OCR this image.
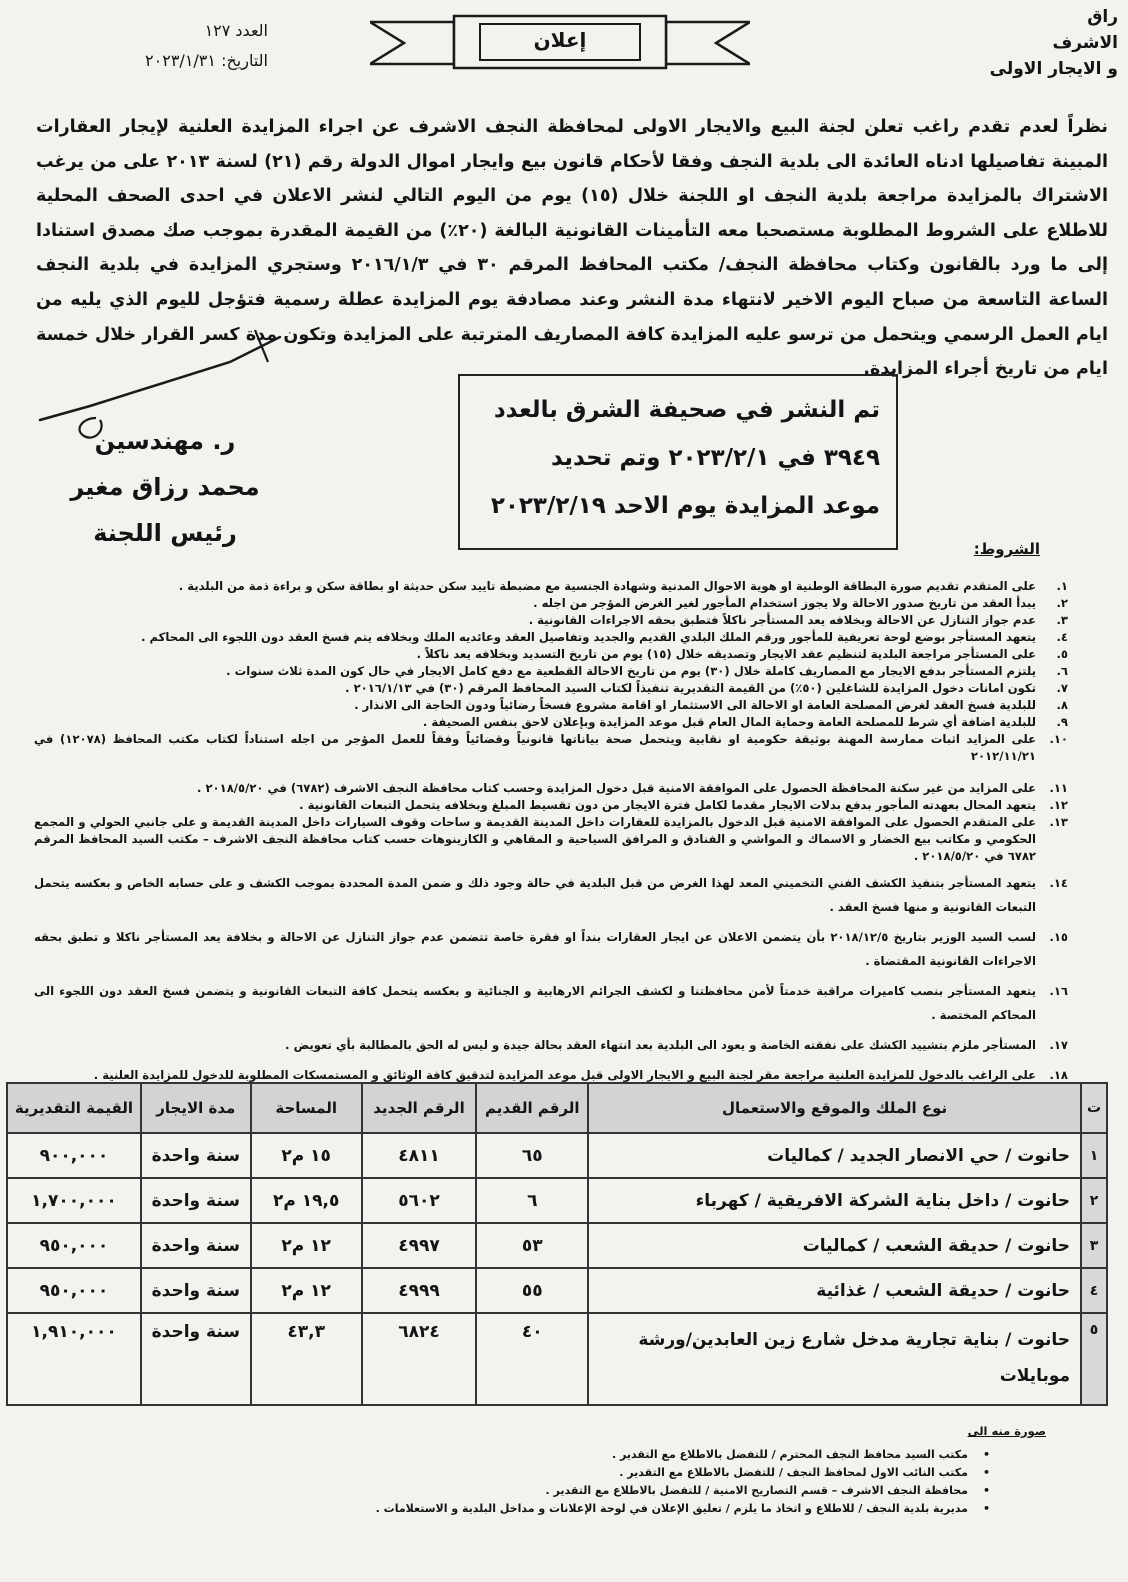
راق
الاشرف
و الايجار الاولى
العدد ١٢٧
التاريخ: ٢٠٢٣/١/٣١
إعلان

نظراً لعدم تقدم راغب تعلن لجنة البيع والايجار الاولى لمحافظة النجف الاشرف عن اجراء المزايدة العلنية لإيجار العقارات المبينة تفاصيلها ادناه العائدة الى بلدية النجف وفقا لأحكام قانون بيع وايجار اموال الدولة رقم (٢١) لسنة ٢٠١٣ على من يرغب الاشتراك بالمزايدة مراجعة بلدية النجف او اللجنة خلال (١٥) يوم من اليوم التالي لنشر الاعلان في احدى الصحف المحلية للاطلاع على الشروط المطلوبة مستصحبا معه التأمينات القانونية البالغة (٢٠٪) من القيمة المقدرة بموجب صك مصدق استنادا إلى ما ورد بالقانون وكتاب محافظة النجف/ مكتب المحافظ المرقم ٣٠ في ٢٠١٦/١/٣ وستجري المزايدة في بلدية النجف الساعة التاسعة من صباح اليوم الاخير لانتهاء مدة النشر وعند مصادفة يوم المزايدة عطلة رسمية فتؤجل لليوم الذي يليه من ايام العمل الرسمي ويتحمل من ترسو عليه المزايدة كافة المصاريف المترتبة على المزايدة وتكون مدة كسر القرار خلال خمسة ايام من تاريخ أجراء المزايدة.

ر. مهندسين
محمد رزاق مغير
رئيس اللجنة
تم النشر في صحيفة الشرق بالعدد
٣٩٤٩ في ٢٠٢٣/٢/١ وتم تحديد
موعد المزايدة يوم الاحد ٢٠٢٣/٢/١٩
الشروط:
١.
على المتقدم تقديم صورة البطاقة الوطنية او هوية الاحوال المدنية وشهادة الجنسية مع مضبطة تاييد سكن حديثة او بطاقة سكن و براءة ذمة من البلدية .
٢.
يبدأ العقد من تاريخ صدور الاحالة ولا يجوز استخدام المأجور لغير الغرض المؤجر من اجله .
٣.
عدم جواز التنازل عن الاحالة وبخلافه يعد المستأجر ناكلاً فتطبق بحقه الاجراءات القانونية .
٤.
يتعهد المستأجر بوضع لوحة تعريفية للمأجور ورقم الملك البلدي القديم والجديد وتفاصيل العقد وعائديه الملك وبخلافه يتم فسخ العقد دون اللجوء الى المحاكم .
٥.
على المستأجر مراجعة البلدية لتنظيم عقد الايجار وتصديقه خلال (١٥) يوم من تاريخ التسديد وبخلافه يعد ناكلاً .
٦.
يلتزم المستأجر بدفع الايجار مع المصاريف كاملة خلال (٣٠) يوم من تاريخ الاحالة القطعية مع دفع كامل الايجار في حال كون المدة ثلاث سنوات .
٧.
تكون امانات دخول المزايدة للشاغلين (٥٠٪) من القيمة التقديرية تنفيذاً لكتاب السيد المحافظ المرقم (٣٠) في ٢٠١٦/١/١٣ .
٨.
للبلدية فسخ العقد لغرض المصلحة العامة او الاحالة الى الاستثمار او اقامة مشروع فسخاً رضائياً ودون الحاجة الى الانذار .
٩.
للبلدية اضافة أي شرط للمصلحة العامة وحماية المال العام قبل موعد المزايدة وبإعلان لاحق بنفس الصحيفة .
١٠.
على المزايد اثبات ممارسة المهنة بوثيقة حكومية او نقابية ويتحمل صحة بياناتها قانونياً وقضائياً وفقاً للعمل المؤجر من اجله استناداً لكتاب مكتب المحافظ (١٢٠٧٨) في ٢٠١٢/١١/٢١
١١.
على المزايد من غير سكنة المحافظة الحصول على الموافقة الامنية قبل دخول المزايدة وحسب كتاب محافظة النجف الاشرف (٦٧٨٢) في ٢٠١٨/٥/٢٠ .
١٢.
يتعهد المحال بعهدته المأجور بدفع بدلات الايجار مقدما لكامل فترة الايجار من دون تقسيط المبلغ وبخلافه يتحمل التبعات القانونية .
١٣.
على المتقدم الحصول على الموافقة الامنية قبل الدخول بالمزايدة للعقارات داخل المدينة القديمة و ساحات وقوف السيارات داخل المدينة القديمة و على جانبي الحولي و المجمع الحكومي و مكاتب بيع الخضار و الاسماك و المواشي و الفنادق و المرافق السياحية و المقاهي و الكازينوهات حسب كتاب محافظة النجف الاشرف – مكتب السيد المحافظ المرقم ٦٧٨٢ في ٢٠١٨/٥/٢٠ .
١٤.
يتعهد المستأجر بتنفيذ الكشف الفني التخميني المعد لهذا الغرض من قبل البلدية في حالة وجود ذلك و ضمن المدة المحددة بموجب الكشف و على حسابه الخاص و بعكسه يتحمل التبعات القانونية و منها فسخ العقد .
١٥.
لسب السيد الوزير بتاريخ ٢٠١٨/١٢/٥ بأن يتضمن الاعلان عن ايجار العقارات بنداً او فقرة خاصة تتضمن عدم جواز التنازل عن الاحالة و بخلافة يعد المستأجر ناكلا و تطبق بحقه الاجراءات القانونية المقتضاة .
١٦.
يتعهد المستأجر بنصب كاميرات مراقبة خدمتاً لأمن محافظتنا و لكشف الجرائم الارهابية و الجنائية و بعكسه يتحمل كافة التبعات القانونية و يتضمن فسخ العقد دون اللجوء الى المحاكم المختصة .
١٧.
المستأجر ملزم بتشييد الكشك على نفقته الخاصة و يعود الى البلدية بعد انتهاء العقد بحالة جيدة و ليس له الحق بالمطالبة بأي تعويض .
١٨.
على الراغب بالدخول للمزايدة العلنية مراجعة مقر لجنة البيع و الايجار الاولى قبل موعد المزايدة لتدقيق كافة الوثائق و المستمسكات المطلوبة للدخول للمزايدة العلنية .
ت	نوع الملك والموقع والاستعمال	الرقم القديم	الرقم الجديد	المساحة	مدة الايجار	القيمة التقديرية
١	حانوت / حي الانصار الجديد / كماليات	٦٥	٤٨١١	١٥ م٢	سنة واحدة	٩٠٠,٠٠٠
٢	حانوت / داخل بناية الشركة الافريقية / كهرباء	٦	٥٦٠٢	١٩,٥ م٢	سنة واحدة	١,٧٠٠,٠٠٠
٣	حانوت / حديقة الشعب / كماليات	٥٣	٤٩٩٧	١٢ م٢	سنة واحدة	٩٥٠,٠٠٠
٤	حانوت / حديقة الشعب / غذائية	٥٥	٤٩٩٩	١٢ م٢	سنة واحدة	٩٥٠,٠٠٠
٥	حانوت / بناية تجارية مدخل شارع زين العابدين/ورشة موبايلات	٤٠	٦٨٢٤	٤٣,٣	سنة واحدة	١,٩١٠,٠٠٠
صورة منه الى
•
مكتب السيد محافظ النجف المحترم / للتفضل بالاطلاع مع التقدير .
•
مكتب النائب الاول لمحافظ النجف / للتفضل بالاطلاع مع التقدير .
•
محافظة النجف الاشرف – قسم التصاريح الامنية / للتفضل بالاطلاع مع التقدير .
•
مديرية بلدية النجف / للاطلاع و اتخاذ ما يلزم / تعليق الإعلان في لوحة الإعلانات و مداخل البلدية و الاستعلامات .
